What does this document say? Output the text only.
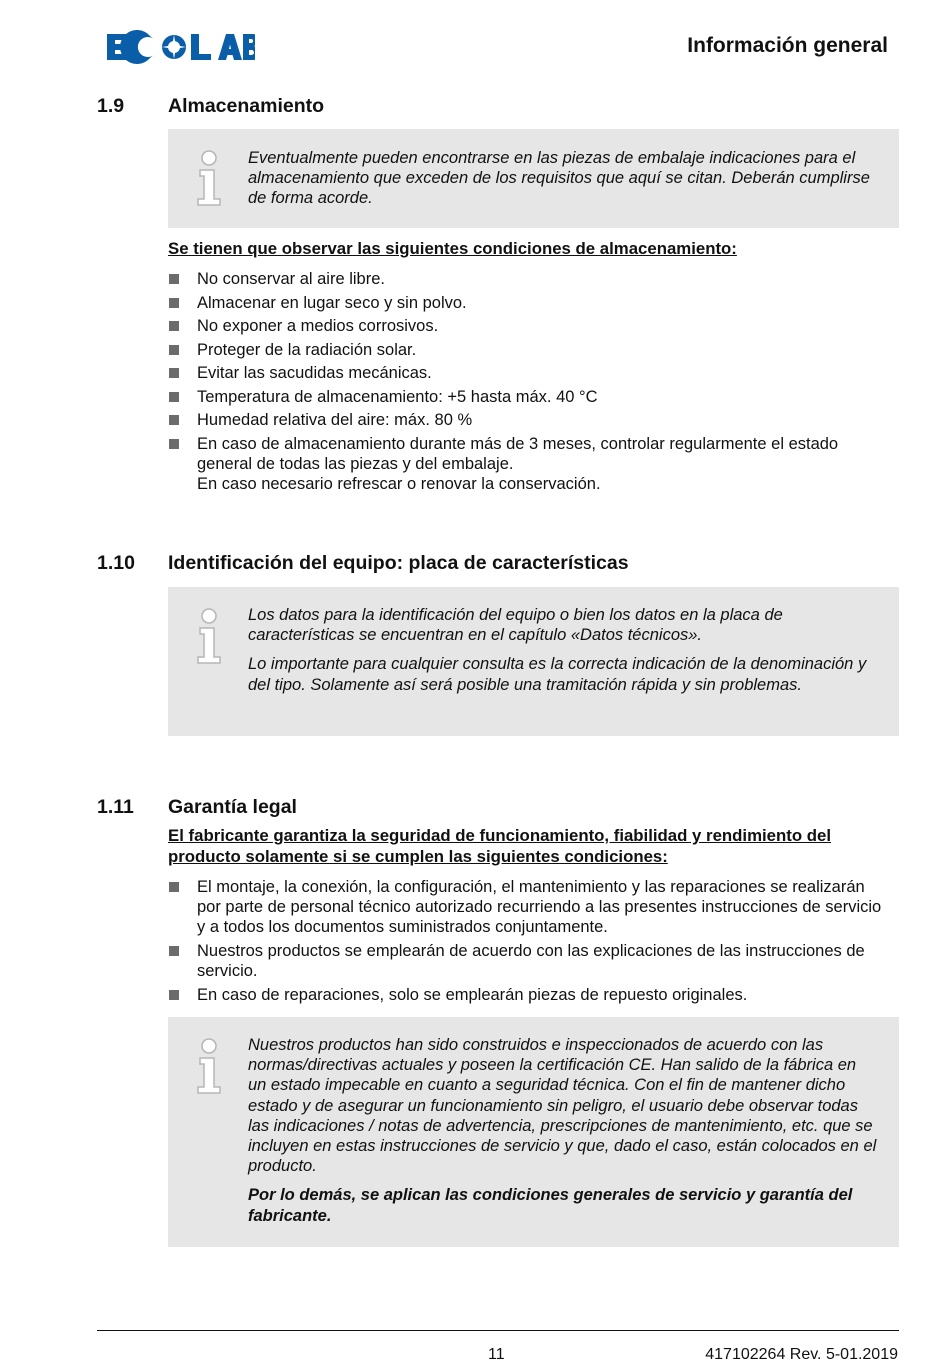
Información general
1.9 Almacenamiento

Eventualmente pueden encontrarse en las piezas de embalaje indicaciones para el almacenamiento que exceden de los requisitos que aquí se citan. Deberán cumplirse de forma acorde.

Se tienen que observar las siguientes condiciones de almacenamiento:
No conservar al aire libre.
Almacenar en lugar seco y sin polvo.
No exponer a medios corrosivos.
Proteger de la radiación solar.
Evitar las sacudidas mecánicas.
Temperatura de almacenamiento: +5 hasta máx. 40 °C
Humedad relativa del aire: máx. 80 %
En caso de almacenamiento durante más de 3 meses, controlar regularmente el estado general de todas las piezas y del embalaje.
En caso necesario refrescar o renovar la conservación.
1.10 Identificación del equipo: placa de características

Los datos para la identificación del equipo o bien los datos en la placa de características se encuentran en el capítulo «Datos técnicos».

Lo importante para cualquier consulta es la correcta indicación de la denominación y del tipo. Solamente así será posible una tramitación rápida y sin problemas.

1.11 Garantía legal
El fabricante garantiza la seguridad de funcionamiento, fiabilidad y rendimiento del producto solamente si se cumplen las siguientes condiciones:
El montaje, la conexión, la configuración, el mantenimiento y las reparaciones se realizarán por parte de personal técnico autorizado recurriendo a las presentes instrucciones de servicio y a todos los documentos suministrados conjuntamente.
Nuestros productos se emplearán de acuerdo con las explicaciones de las instrucciones de servicio.
En caso de reparaciones, solo se emplearán piezas de repuesto originales.

Nuestros productos han sido construidos e inspeccionados de acuerdo con las normas/directivas actuales y poseen la certificación CE. Han salido de la fábrica en un estado impecable en cuanto a seguridad técnica. Con el fin de mantener dicho estado y de asegurar un funcionamiento sin peligro, el usuario debe observar todas las indicaciones / notas de advertencia, prescripciones de mantenimiento, etc. que se incluyen en estas instrucciones de servicio y que, dado el caso, están colocados en el producto.

Por lo demás, se aplican las condiciones generales de servicio y garantía del fabricante.

11	417102264 Rev. 5-01.2019
